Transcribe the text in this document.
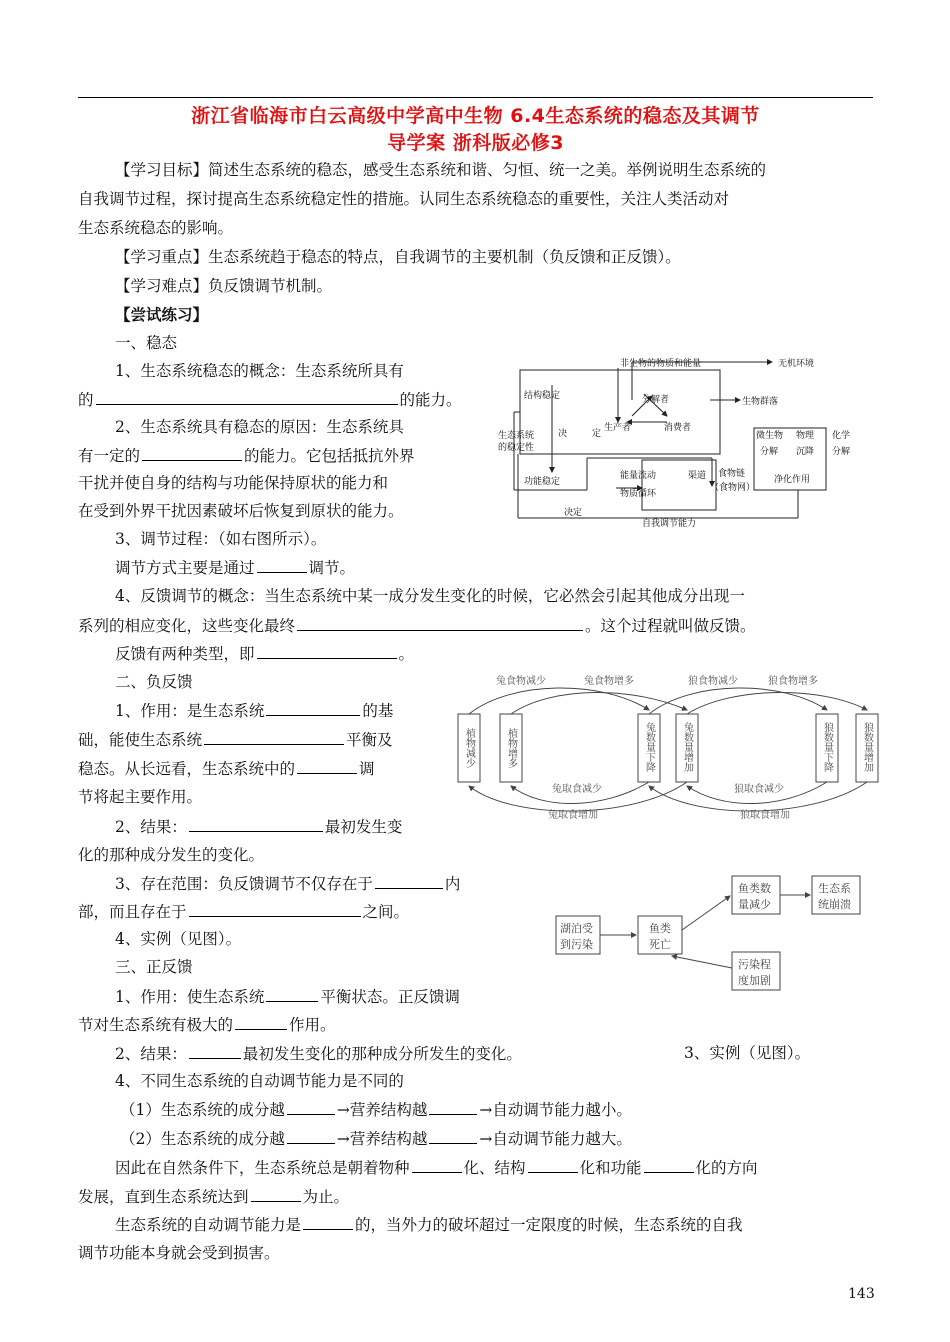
浙江省临海市白云高级中学高中生物 6.4生态系统的稳态及其调节
导学案 浙科版必修3
【学习目标】简述生态系统的稳态，感受生态系统和谐、匀恒、统一之美。举例说明生态系统的
自我调节过程，探讨提高生态系统稳定性的措施。认同生态系统稳态的重要性，关注人类活动对
生态系统稳态的影响。
【学习重点】生态系统趋于稳态的特点，自我调节的主要机制（负反馈和正反馈）。
【学习难点】负反馈调节机制。
【尝试练习】
一、稳态
1、生态系统稳态的概念：生态系统所具有
的	的能力。
2、生态系统具有稳态的原因：生态系统具
有一定的	的能力。它包括抵抗外界
干扰并使自身的结构与功能保持原状的能力和
在受到外界干扰因素破坏后恢复到原状的能力。
3、调节过程：（如右图所示）。
调节方式主要是通过	调节。
4、反馈调节的概念：当生态系统中某一成分发生变化的时候，它必然会引起其他成分出现一
系列的相应变化，这些变化最终	。这个过程就叫做反馈。
反馈有两种类型，即	。
二、负反馈
1、作用：是生态系统	的基
础，能使生态系统	平衡及
稳态。从长远看，生态系统中的	调
节将起主要作用。
2、结果：	最初发生变
化的那种成分发生的变化。
3、存在范围：负反馈调节不仅存在于	内
部，而且存在于	之间。
4、实例（见图）。
三、正反馈
1、作用：使生态系统	平衡状态。正反馈调
节对生态系统有极大的	作用。
2、结果：	最初发生变化的那种成分所发生的变化。	3、实例（见图）。
4、不同生态系统的自动调节能力是不同的
（1）生态系统的成分越	→营养结构越	→自动调节能力越小。
（2）生态系统的成分越	→营养结构越	→自动调节能力越大。
因此在自然条件下，生态系统总是朝着物种	化、结构	化和功能	化的方向
发展，直到生态系统达到	为止。
生态系统的自动调节能力是	的，当外力的破坏超过一定限度的时候，生态系统的自我
调节功能本身就会受到损害。
143
生态系统
的稳定性
结构稳定
决	定
功能稳定
非生物的物质和能量	无机环境
分解者
生产者	消费者
生物群落
能量流动
物质循环
渠道 食物链
（食物网）
微生物
分解
物理
沉降
化学
分解
净化作用
决定
自我调节能力
兔食物减少	兔食物增多	狼食物减少	狼食物增多
兔取食减少
兔取食增加
狼取食减少
狼取食增加
植物减少	植物增多	兔数量下降	兔数量增加	狼数量下降	狼数量增加
湖泊受
到污染
鱼类
死亡
鱼类数
量减少
生态系
统崩溃
污染程
度加剧
